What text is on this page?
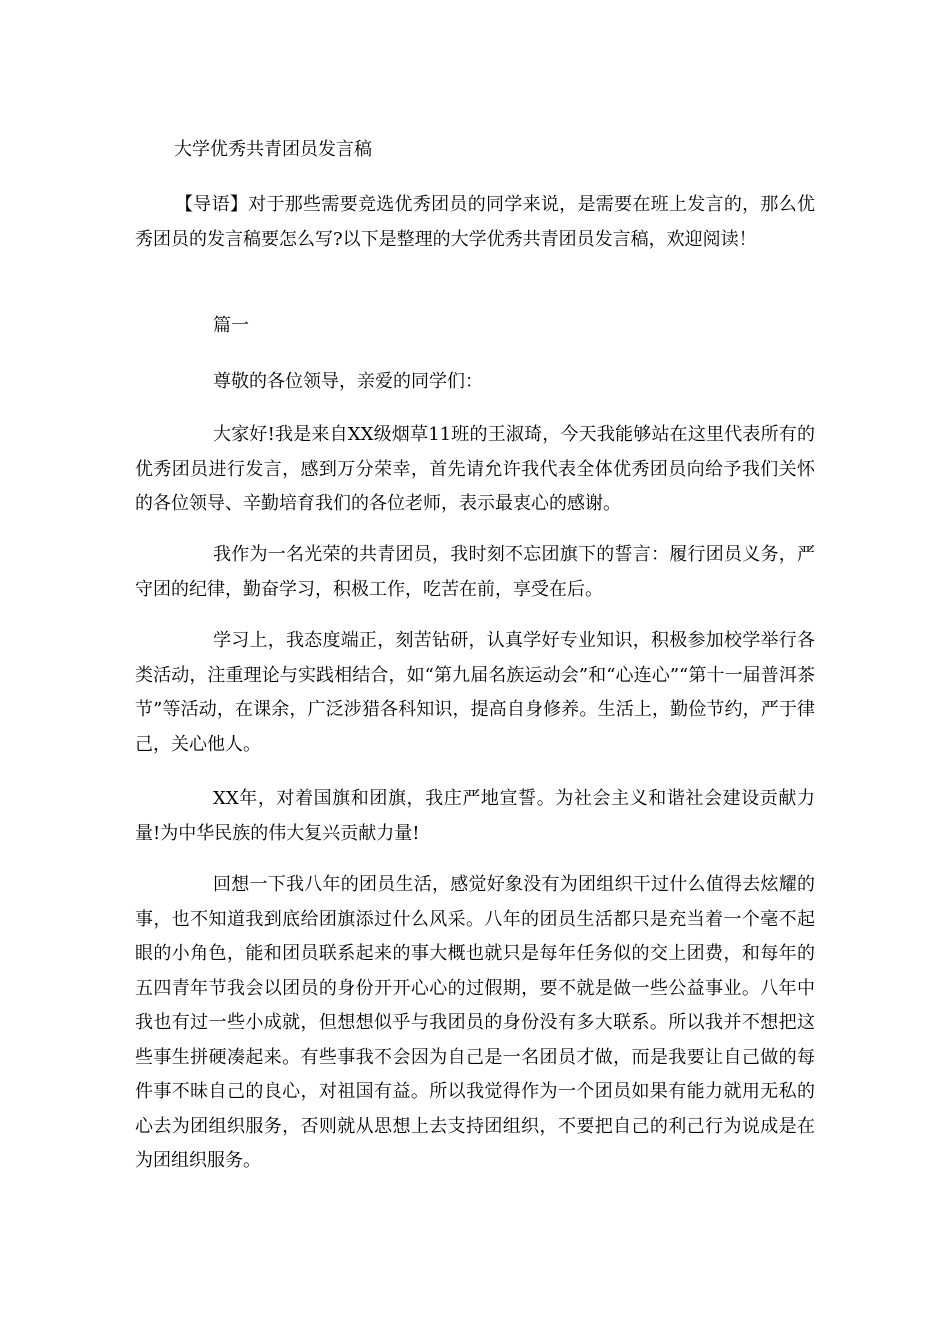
大学优秀共青团员发言稿

【导语】对于那些需要竞选优秀团员的同学来说，是需要在班上发言的，那么优秀团员的发言稿要怎么写?以下是整理的大学优秀共青团员发言稿，欢迎阅读！

篇一
尊敬的各位领导，亲爱的同学们：

大家好!我是来自XX级烟草11班的王淑琦，今天我能够站在这里代表所有的优秀团员进行发言，感到万分荣幸，首先请允许我代表全体优秀团员向给予我们关怀的各位领导、辛勤培育我们的各位老师，表示最衷心的感谢。

我作为一名光荣的共青团员，我时刻不忘团旗下的誓言：履行团员义务，严守团的纪律，勤奋学习，积极工作，吃苦在前，享受在后。

学习上，我态度端正，刻苦钻研，认真学好专业知识，积极参加校学举行各类活动，注重理论与实践相结合，如“第九届名族运动会”和“心连心”“第十一届普洱茶节”等活动，在课余，广泛涉猎各科知识，提高自身修养。生活上，勤俭节约，严于律己，关心他人。

XX年，对着国旗和团旗，我庄严地宣誓。为社会主义和谐社会建设贡献力量!为中华民族的伟大复兴贡献力量!

回想一下我八年的团员生活，感觉好象没有为团组织干过什么值得去炫耀的事，也不知道我到底给团旗添过什么风采。八年的团员生活都只是充当着一个毫不起眼的小角色，能和团员联系起来的事大概也就只是每年任务似的交上团费，和每年的五四青年节我会以团员的身份开开心心的过假期，要不就是做一些公益事业。八年中我也有过一些小成就，但想想似乎与我团员的身份没有多大联系。所以我并不想把这些事生拼硬凑起来。有些事我不会因为自己是一名团员才做，而是我要让自己做的每件事不昧自己的良心，对祖国有益。所以我觉得作为一个团员如果有能力就用无私的心去为团组织服务，否则就从思想上去支持团组织，不要把自己的利己行为说成是在为团组织服务。
